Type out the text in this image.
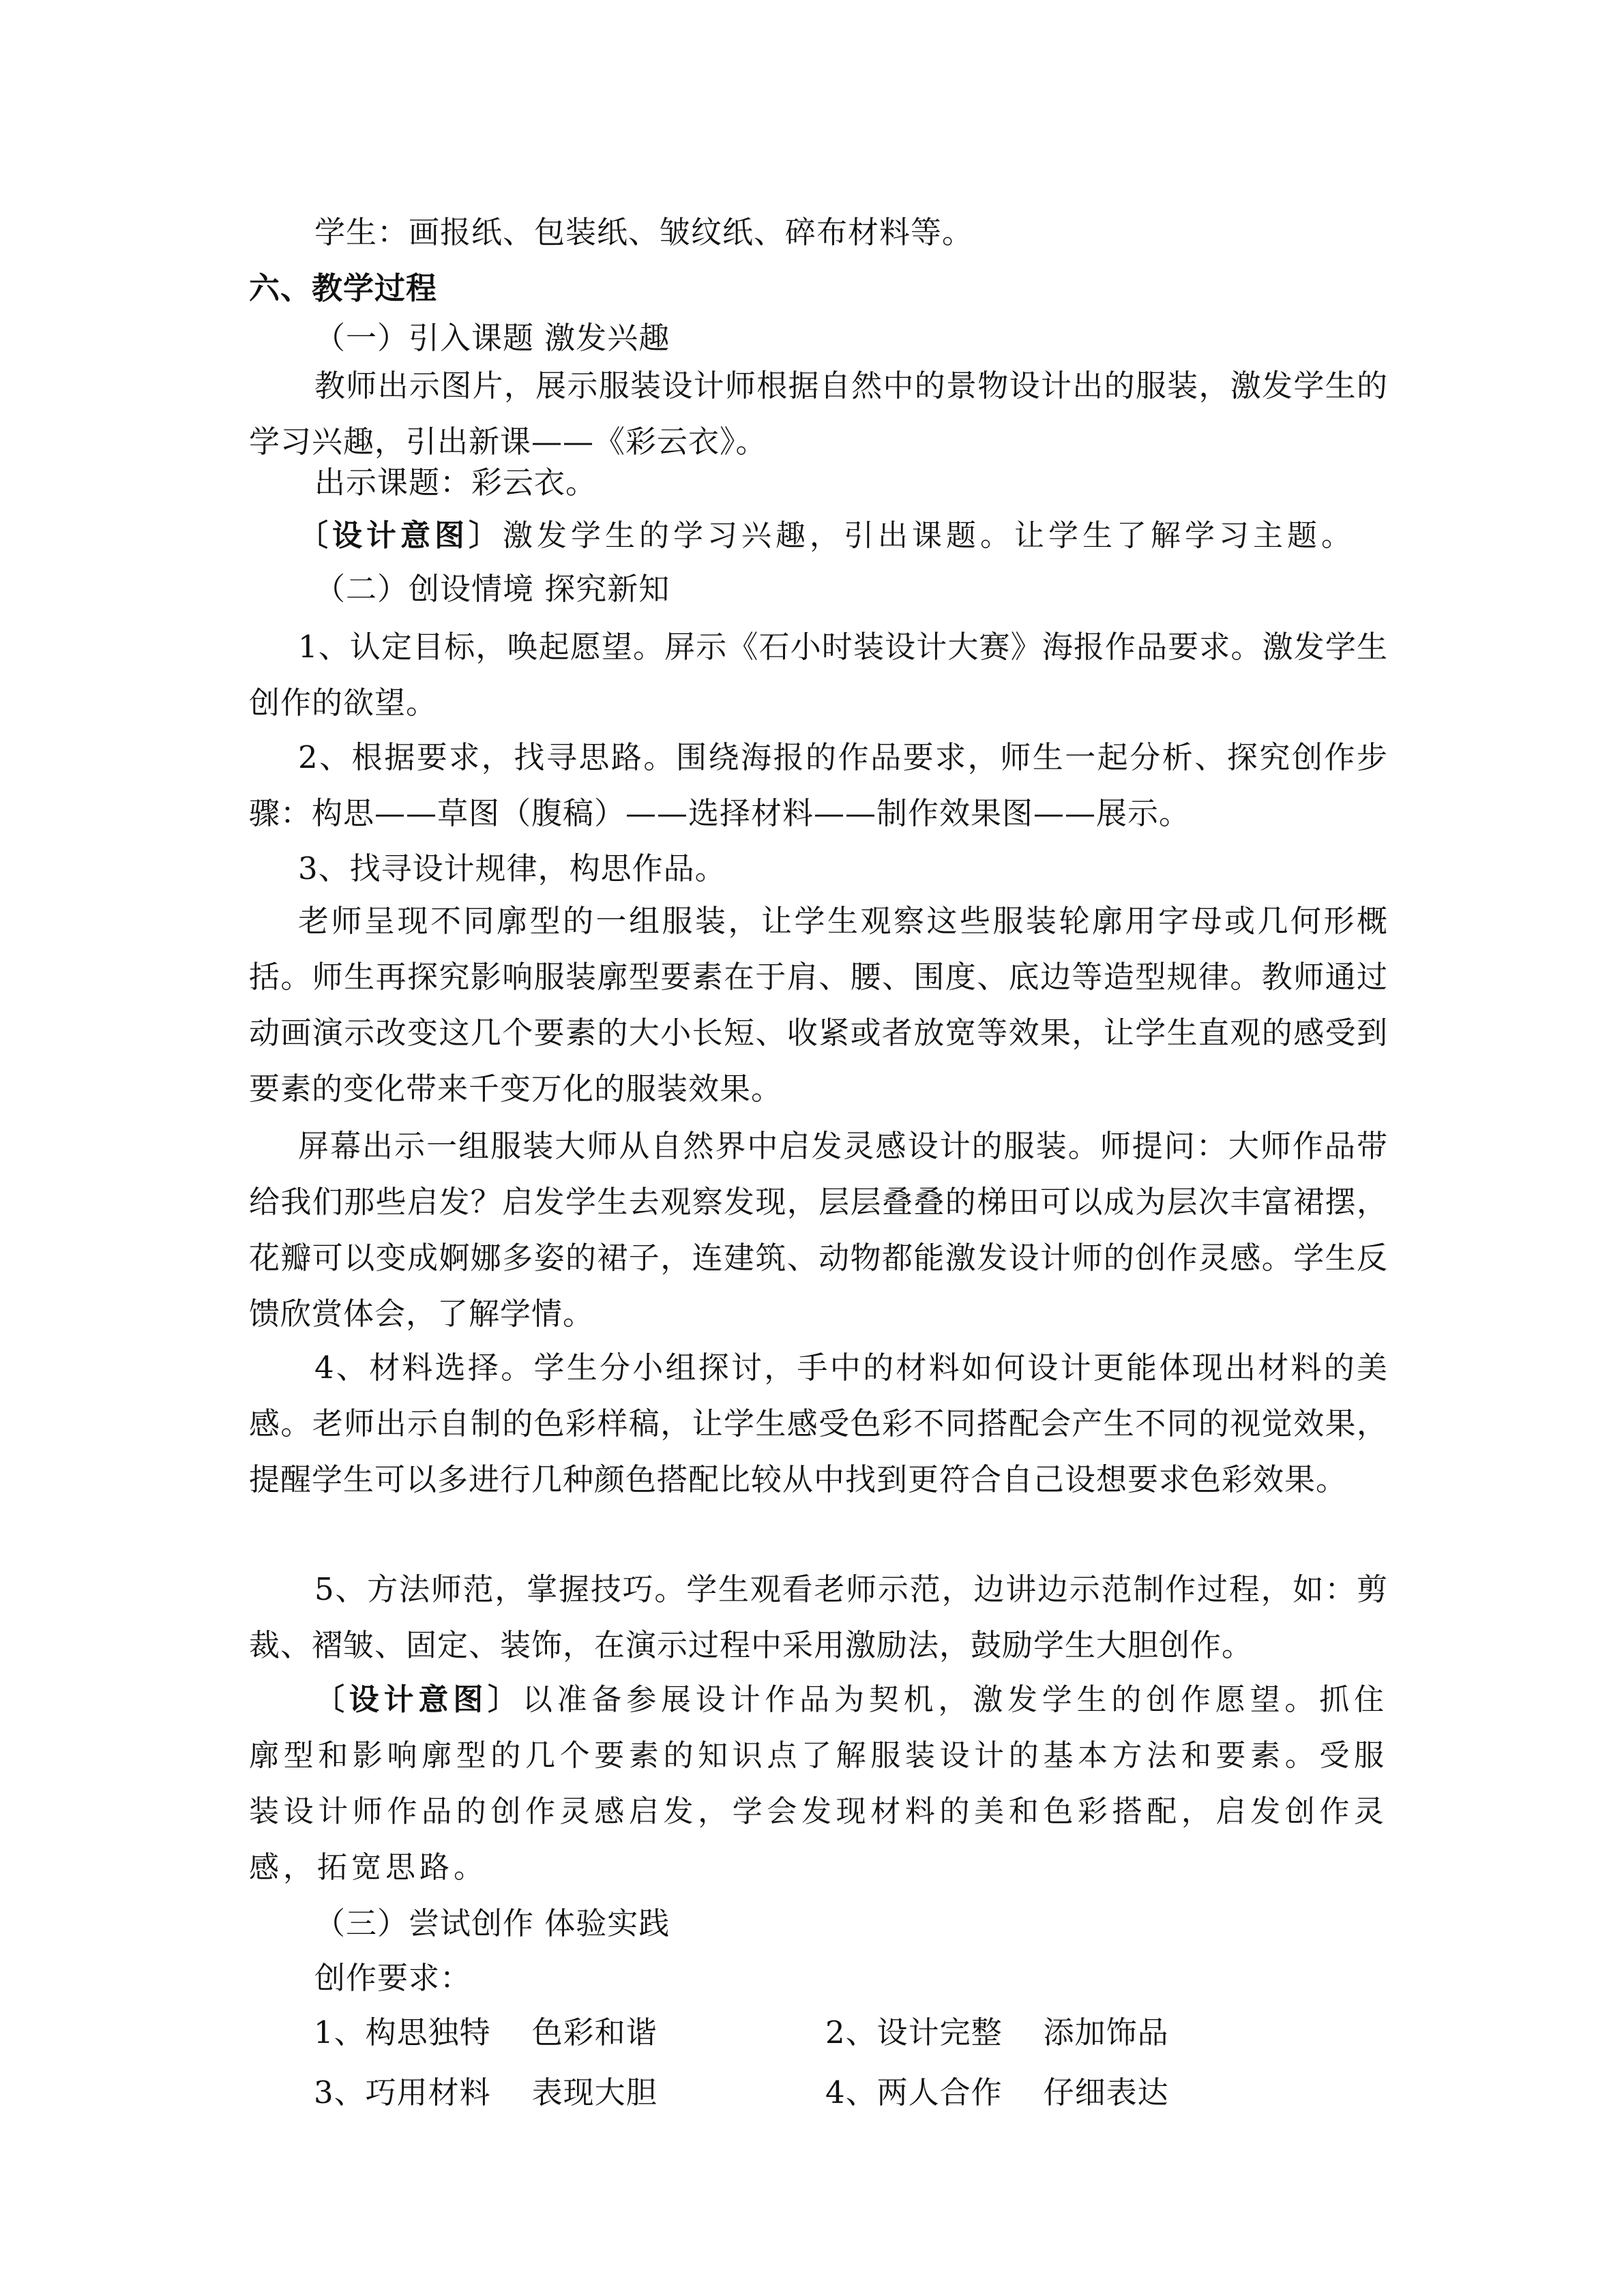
学生：画报纸、包装纸、皱纹纸、碎布材料等。
六、教学过程
（一）引入课题 激发兴趣
教师出示图片，展示服装设计师根据自然中的景物设计出的服装，激发学生的学习兴趣，引出新课——《彩云衣》。
出示课题：彩云衣。
〔设计意图〕激发学生的学习兴趣，引出课题。让学生了解学习主题。
（二）创设情境 探究新知
1、认定目标，唤起愿望。屏示《石小时装设计大赛》海报作品要求。激发学生创作的欲望。
2、根据要求，找寻思路。围绕海报的作品要求，师生一起分析、探究创作步骤：构思——草图（腹稿）——选择材料——制作效果图——展示。
3、找寻设计规律，构思作品。
老师呈现不同廓型的一组服装，让学生观察这些服装轮廓用字母或几何形概括。师生再探究影响服装廓型要素在于肩、腰、围度、底边等造型规律。教师通过动画演示改变这几个要素的大小长短、收紧或者放宽等效果，让学生直观的感受到要素的变化带来千变万化的服装效果。
屏幕出示一组服装大师从自然界中启发灵感设计的服装。师提问：大师作品带给我们那些启发？启发学生去观察发现，层层叠叠的梯田可以成为层次丰富裙摆，花瓣可以变成婀娜多姿的裙子，连建筑、动物都能激发设计师的创作灵感。学生反馈欣赏体会，了解学情。
4、材料选择。学生分小组探讨，手中的材料如何设计更能体现出材料的美感。老师出示自制的色彩样稿，让学生感受色彩不同搭配会产生不同的视觉效果，提醒学生可以多进行几种颜色搭配比较从中找到更符合自己设想要求色彩效果。
5、方法师范，掌握技巧。学生观看老师示范，边讲边示范制作过程，如：剪裁、褶皱、固定、装饰，在演示过程中采用激励法，鼓励学生大胆创作。
〔设计意图〕以准备参展设计作品为契机，激发学生的创作愿望。抓住廓型和影响廓型的几个要素的知识点了解服装设计的基本方法和要素。受服装设计师作品的创作灵感启发，学会发现材料的美和色彩搭配，启发创作灵感，拓宽思路。
（三）尝试创作 体验实践
创作要求：
1、构思独特 色彩和谐	2、设计完整 添加饰品
3、巧用材料 表现大胆	4、两人合作 仔细表达
